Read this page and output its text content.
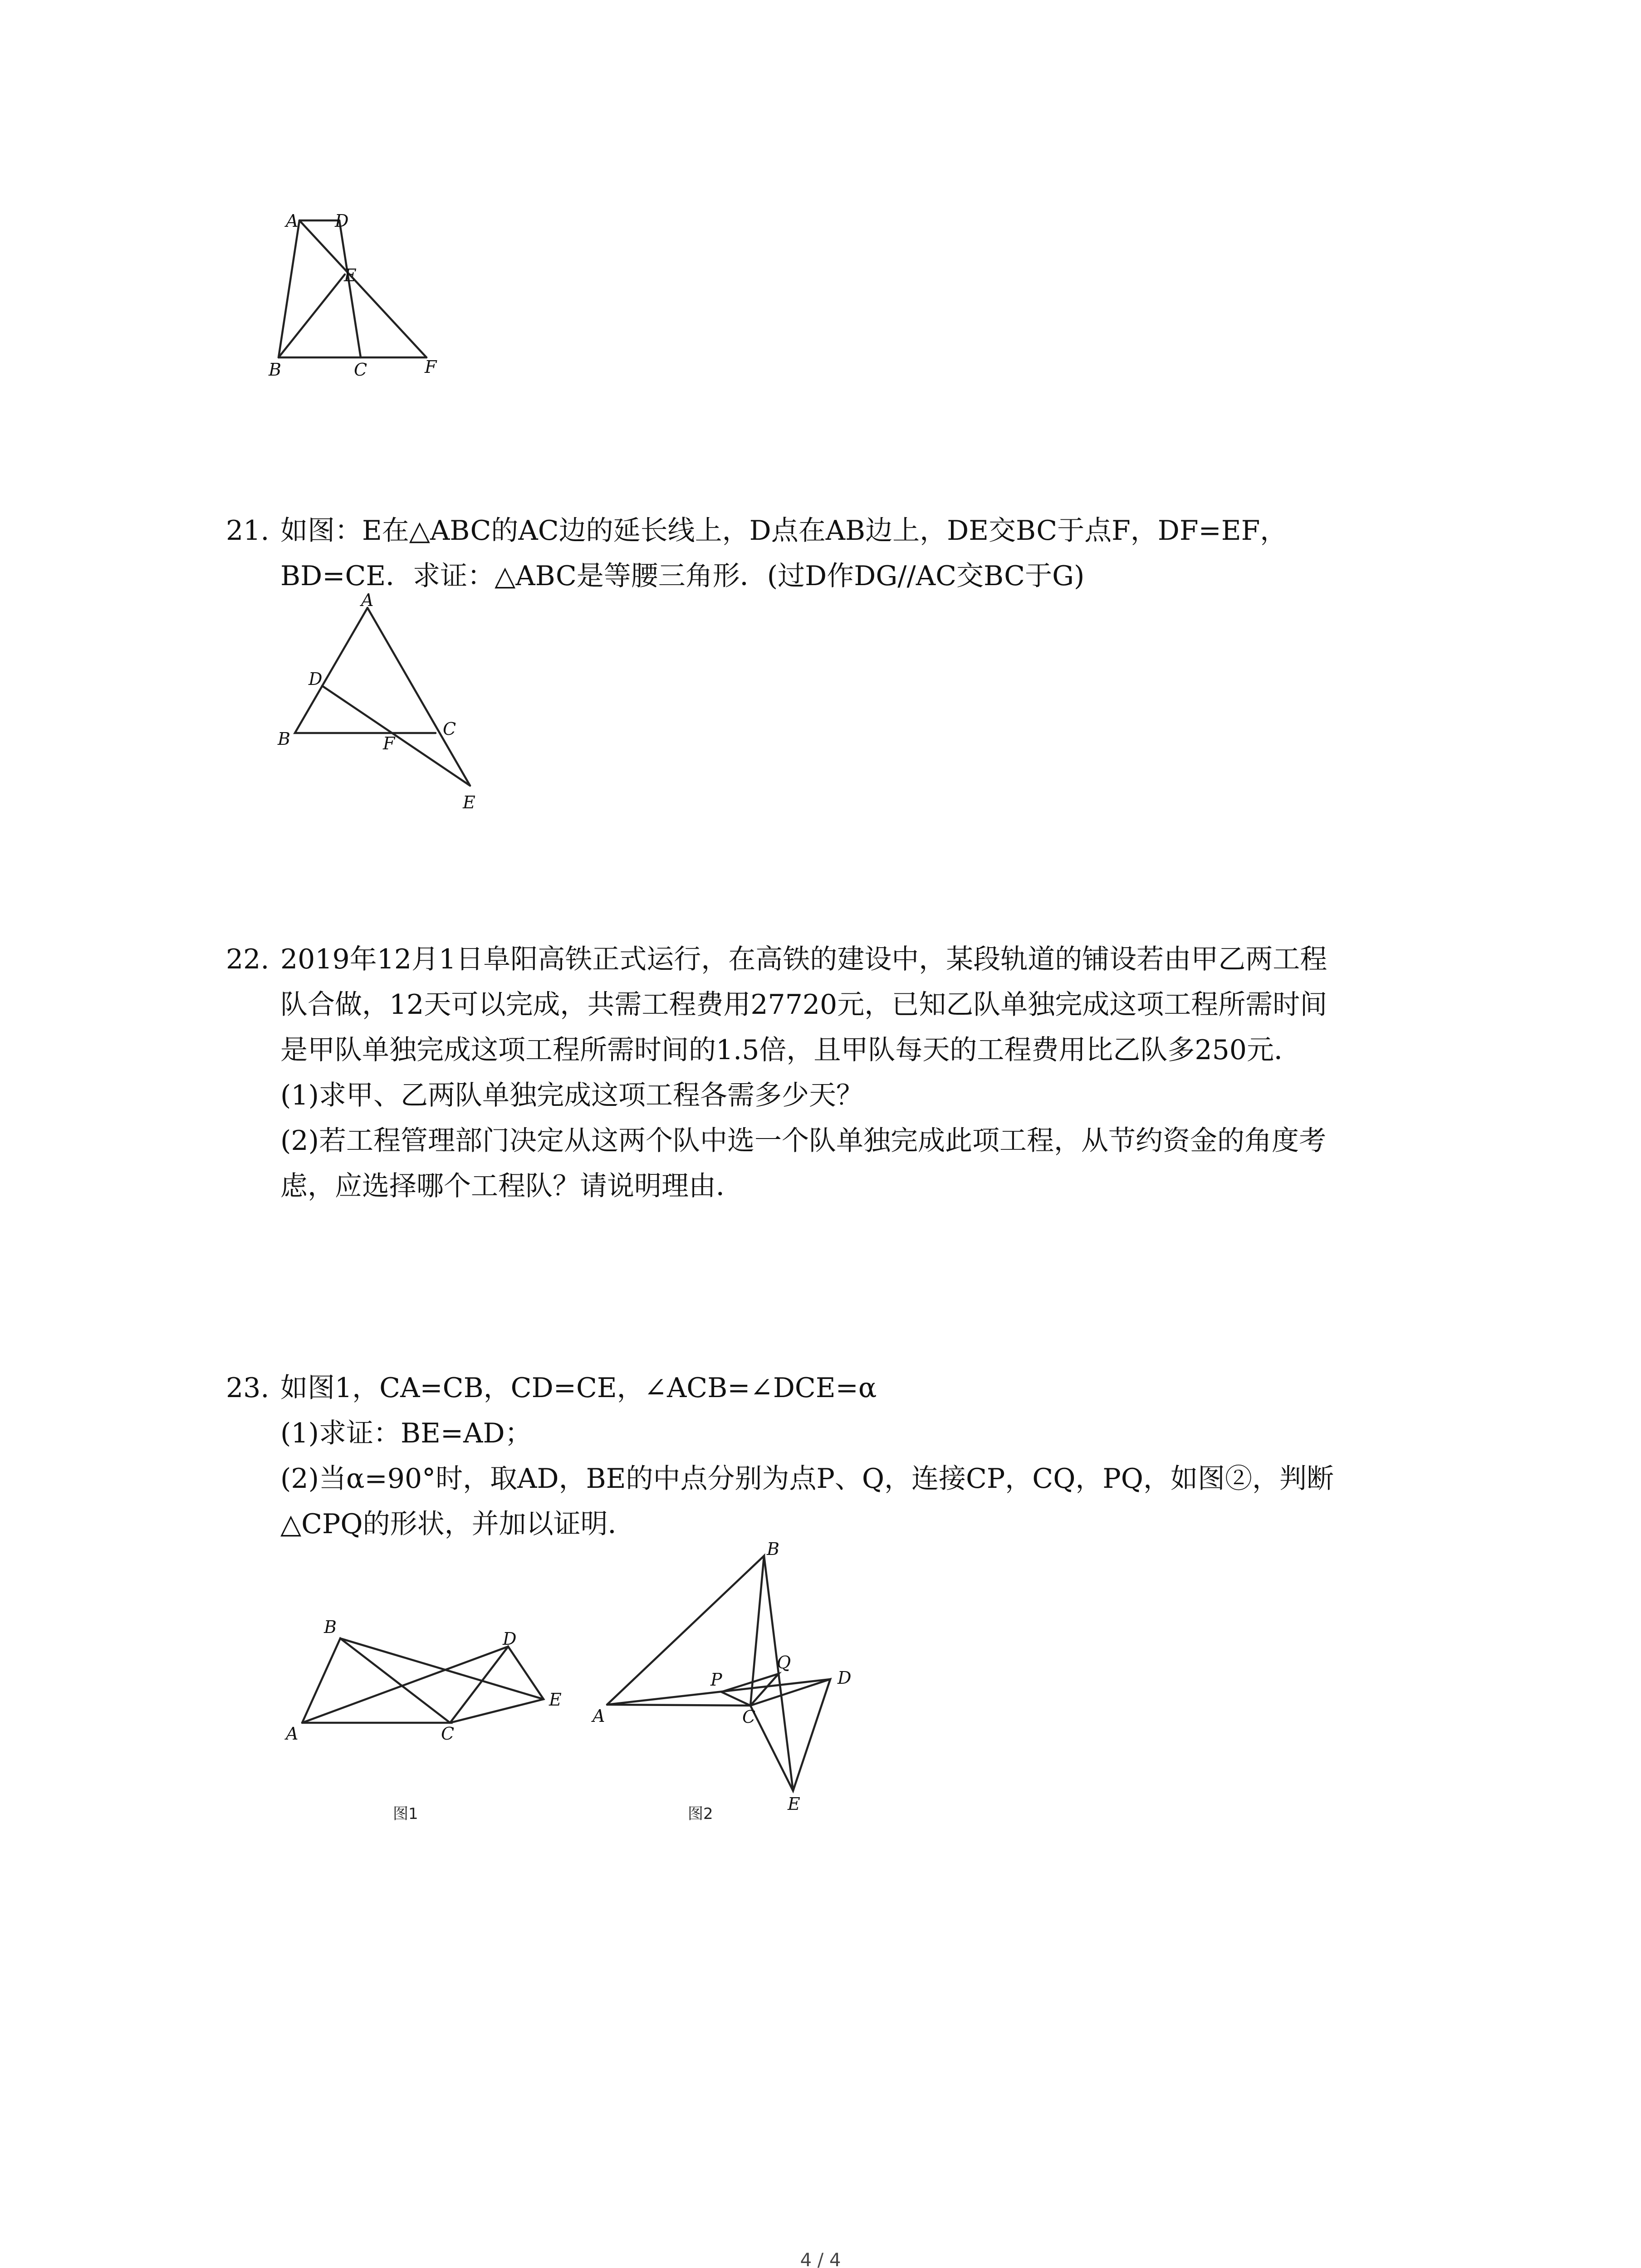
A D
E
B	C	F
21. 如图：E在△ABC的AC边的延长线上，D点在AB边上，DE交BC于点F，DF=EF，
BD=CE．求证：△ABC是等腰三角形．(过D作DG//AC交BC于G)
A
D
B	F
C
E
22. 2019年12月1日阜阳高铁正式运行，在高铁的建设中，某段轨道的铺设若由甲乙两工程
队合做，12天可以完成，共需工程费用27720元，已知乙队单独完成这项工程所需时间
是甲队单独完成这项工程所需时间的1.5倍，且甲队每天的工程费用比乙队多250元．
(1)求甲、乙两队单独完成这项工程各需多少天？
(2)若工程管理部门决定从这两个队中选一个队单独完成此项工程，从节约资金的角度考
虑，应选择哪个工程队？请说明理由．
23. 如图1，CA=CB，CD=CE，∠ACB=∠DCE=α
(1)求证：BE=AD；
(2)当α=90°时，取AD，BE的中点分别为点P、Q，连接CP，CQ，PQ，如图②，判断
△CPQ的形状，并加以证明．
B
D
E
A	C
图1
B
P
Q
D
A	C
E
图2
4 / 4
